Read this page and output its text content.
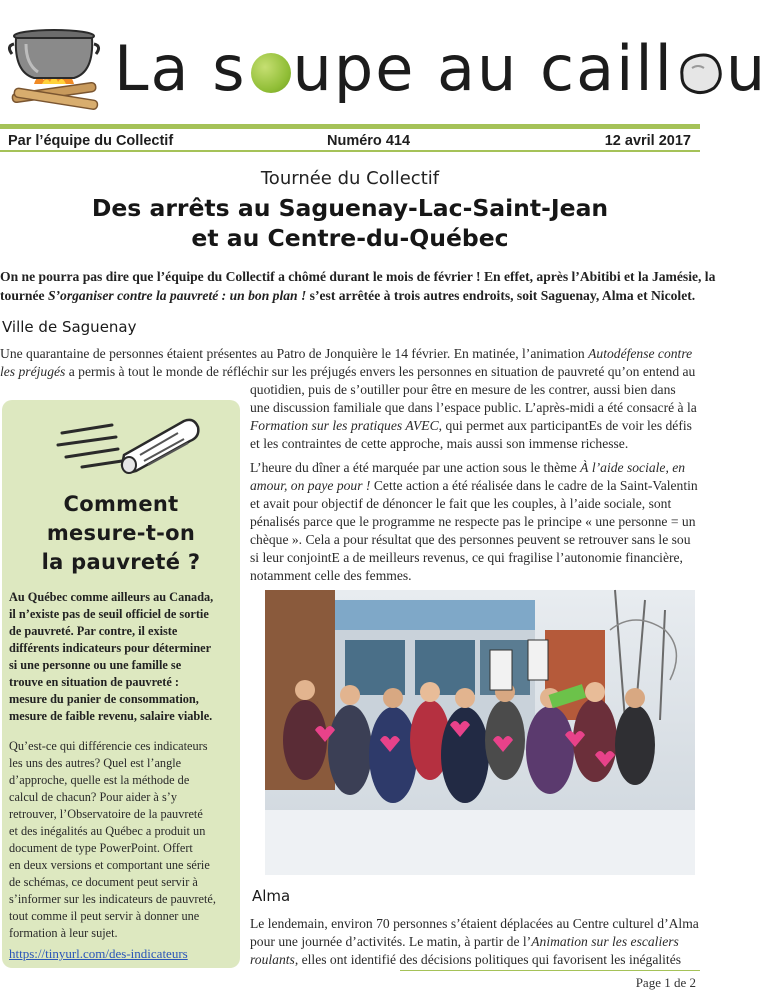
La s upe au caill u
Par l’équipe du Collectif	Numéro 414	12 avril 2017
Tournée du Collectif
Des arrêts au Saguenay-Lac-Saint-Jean
et au Centre-du-Québec
On ne pourra pas dire que l’équipe du Collectif a chômé durant le mois de février ! En effet, après l’Abitibi et la Jamésie, la
tournée S’organiser contre la pauvreté : un bon plan ! s’est arrêtée à trois autres endroits, soit Saguenay, Alma et Nicolet.
Ville de Saguenay
Une quarantaine de personnes étaient présentes au Patro de Jonquière le 14 février. En matinée, l’animation Autodéfense contre
les préjugés a permis à tout le monde de réfléchir sur les préjugés envers les personnes en situation de pauvreté qu’on entend au
quotidien, puis de s’outiller pour être en mesure de les contrer, aussi bien dans
une discussion familiale que dans l’espace public. L’après-midi a été consacré à la
Formation sur les pratiques AVEC, qui permet aux participantEs de voir les défis
et les contraintes de cette approche, mais aussi son immense richesse.
L’heure du dîner a été marquée par une action sous le thème À l’aide sociale, en
amour, on paye pour ! Cette action a été réalisée dans le cadre de la Saint-Valentin
et avait pour objectif de dénoncer le fait que les couples, à l’aide sociale, sont
pénalisés parce que le programme ne respecte pas le principe « une personne = un
chèque ». Cela a pour résultat que des personnes peuvent se retrouver sans le sou
si leur conjointE a de meilleurs revenus, ce qui fragilise l’autonomie financière,
notamment celle des femmes.
Comment
mesure-t-on
la pauvreté ?
Au Québec comme ailleurs au Canada,
il n’existe pas de seuil officiel de sortie
de pauvreté. Par contre, il existe
différents indicateurs pour déterminer
si une personne ou une famille se
trouve en situation de pauvreté :
mesure du panier de consommation,
mesure de faible revenu, salaire viable.
Qu’est-ce qui différencie ces indicateurs
les uns des autres? Quel est l’angle
d’approche, quelle est la méthode de
calcul de chacun? Pour aider à s’y
retrouver, l’Observatoire de la pauvreté
et des inégalités au Québec a produit un
document de type PowerPoint. Offert
en deux versions et comportant une série
de schémas, ce document peut servir à
s’informer sur les indicateurs de pauvreté,
tout comme il peut servir à donner une
formation à leur sujet.
https://tinyurl.com/des-indicateurs
Alma
Le lendemain, environ 70 personnes s’étaient déplacées au Centre culturel d’Alma
pour une journée d’activités. Le matin, à partir de l’Animation sur les escaliers
roulants, elles ont identifié des décisions politiques qui favorisent les inégalités
Page 1 de 2
